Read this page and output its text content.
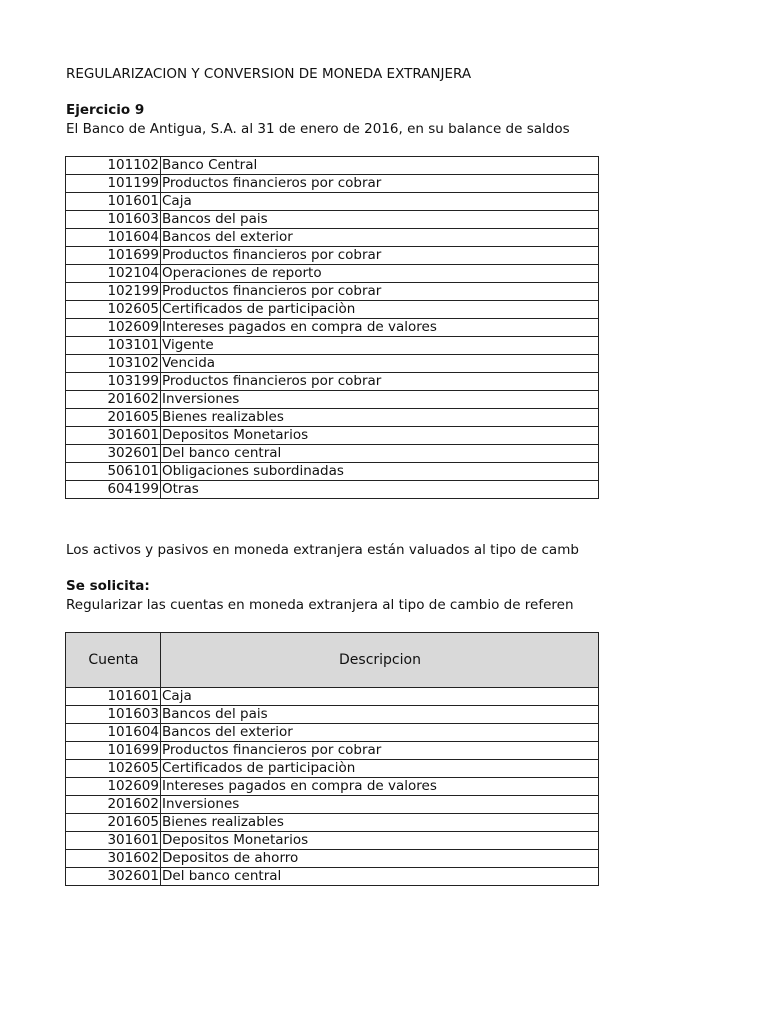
REGULARIZACION Y CONVERSION DE MONEDA EXTRANJERA
Ejercicio 9
El Banco de Antigua, S.A. al 31 de enero de 2016, en su balance de saldos
101102	Banco Central
101199	Productos financieros por cobrar
101601	Caja
101603	Bancos del pais
101604	Bancos del exterior
101699	Productos financieros por cobrar
102104	Operaciones de reporto
102199	Productos financieros por cobrar
102605	Certificados de participaciòn
102609	Intereses pagados en compra de valores
103101	Vigente
103102	Vencida
103199	Productos financieros por cobrar
201602	Inversiones
201605	Bienes realizables
301601	Depositos Monetarios
302601	Del banco central
506101	Obligaciones subordinadas
604199	Otras
Los activos y pasivos en moneda extranjera están valuados al tipo de camb
Se solicita:
Regularizar las cuentas en moneda extranjera al tipo de cambio de referen
Cuenta	Descripcion
101601	Caja
101603	Bancos del pais
101604	Bancos del exterior
101699	Productos financieros por cobrar
102605	Certificados de participaciòn
102609	Intereses pagados en compra de valores
201602	Inversiones
201605	Bienes realizables
301601	Depositos Monetarios
301602	Depositos de ahorro
302601	Del banco central
